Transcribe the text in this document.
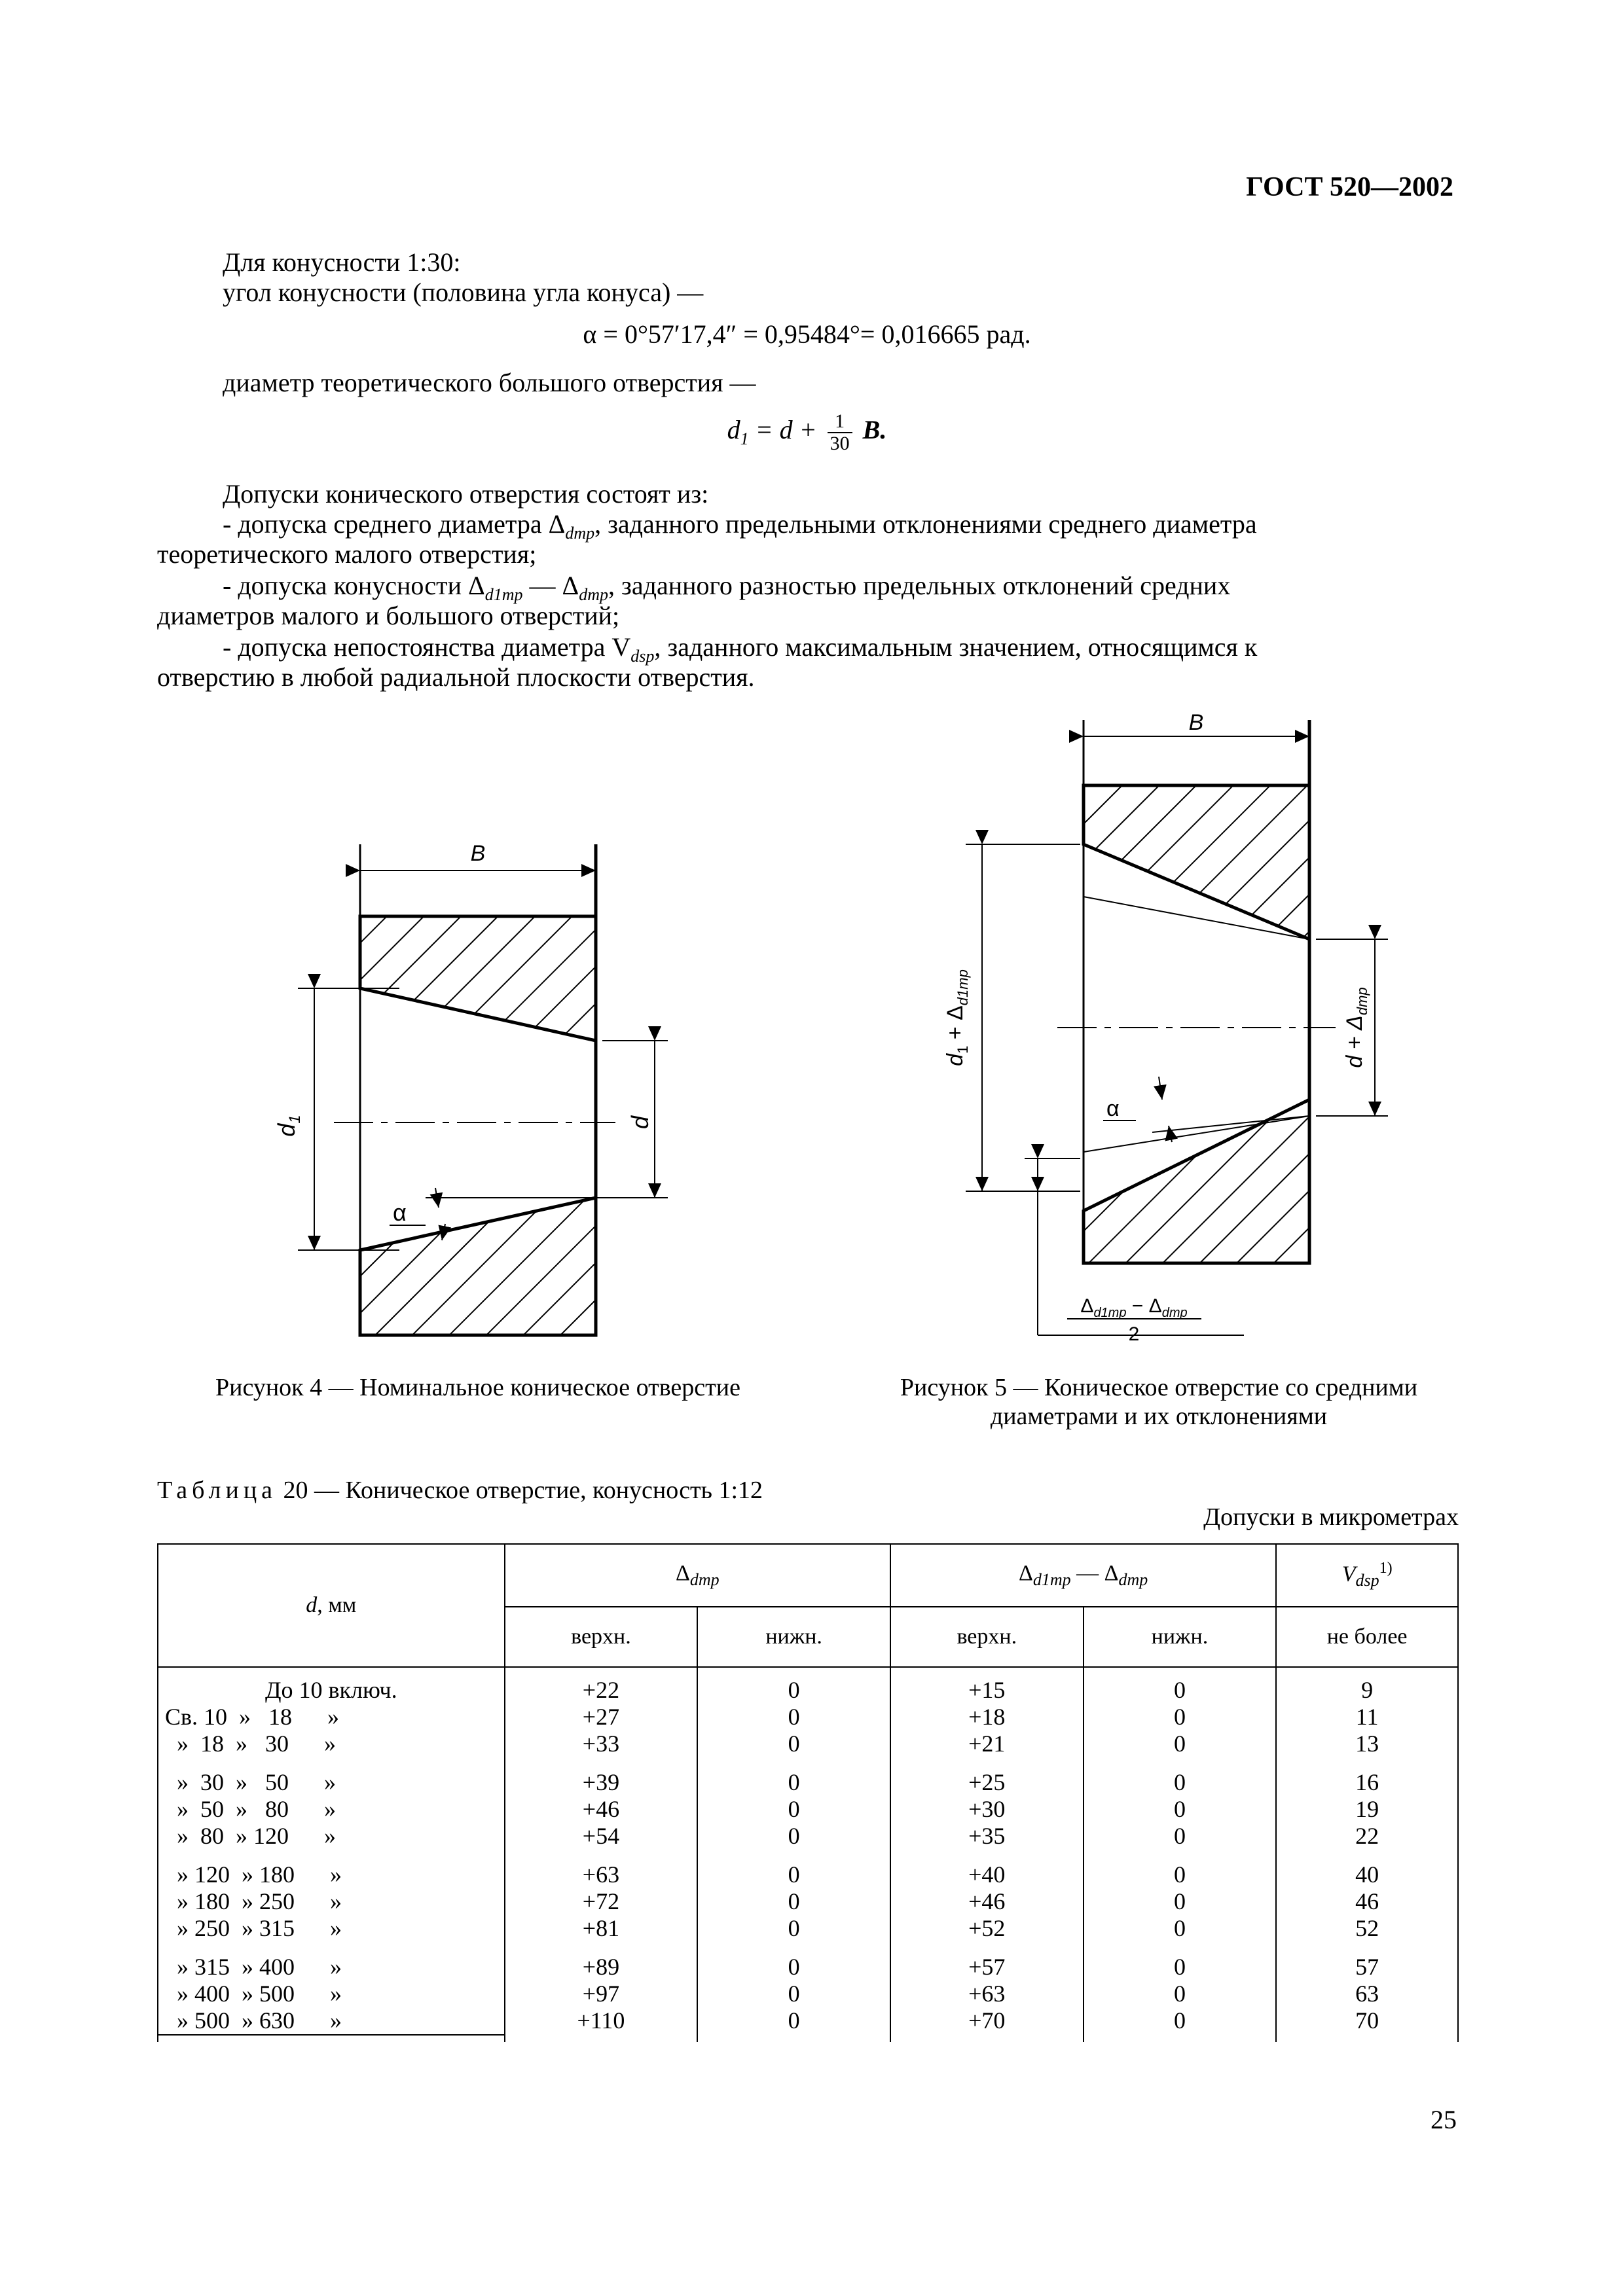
ГОСТ 520—2002
Для конусности 1:30:
угол конусности (половина угла конуса) —
α = 0°57′17,4″ = 0,95484°= 0,016665 рад.
диаметр теоретического большого отверстия —
$d_1 = d + \frac{1}{30} B$.
Допуски конического отверстия состоят из:
- допуска среднего диаметра $\Delta_{dmp}$, заданного предельными отклонениями среднего диаметра
теоретического малого отверстия;
- допуска конусности $\Delta_{d1mp}$ — $\Delta_{dmp}$, заданного разностью предельных отклонений средних
диаметров малого и большого отверстий;
- допуска непостоянства диаметра $V_{dsp}$, заданного максимальным значением, относящимся к
отверстию в любой радиальной плоскости отверстия.
B
$d_1$	d
α
Рисунок 4 — Номинальное коническое отверстие
B
$d_1 + \Delta_{d1mp}$
$d + \Delta_{dmp}$
α
$\Delta_{d1mp} - \Delta_{dmp}$
2
Рисунок 5 — Коническое отверстие со средними
диаметрами и их отклонениями
Таблица 20 — Коническое отверстие, конусность 1:12
Допуски в микрометрах
d, мм	$\Delta_{dmp}$		$\Delta_{d1mp}$ — $\Delta_{dmp}$		$V_{dsp}^{1)}$
	верхн.	нижн.	верхн.	нижн.	не более
До 10 включ.	+22	0	+15	0	9
Св. 10  »   18      »	+27	0	+18	0	11
»  18  »   30      »	+33	0	+21	0	13
»  30  »   50      »	+39	0	+25	0	16
»  50  »   80      »	+46	0	+30	0	19
»  80  » 120      »	+54	0	+35	0	22
» 120  » 180      »	+63	0	+40	0	40
» 180  » 250      »	+72	0	+46	0	46
» 250  » 315      »	+81	0	+52	0	52
» 315  » 400      »	+89	0	+57	0	57
» 400  » 500      »	+97	0	+63	0	63
» 500  » 630      »	+110	0	+70	0	70

25
